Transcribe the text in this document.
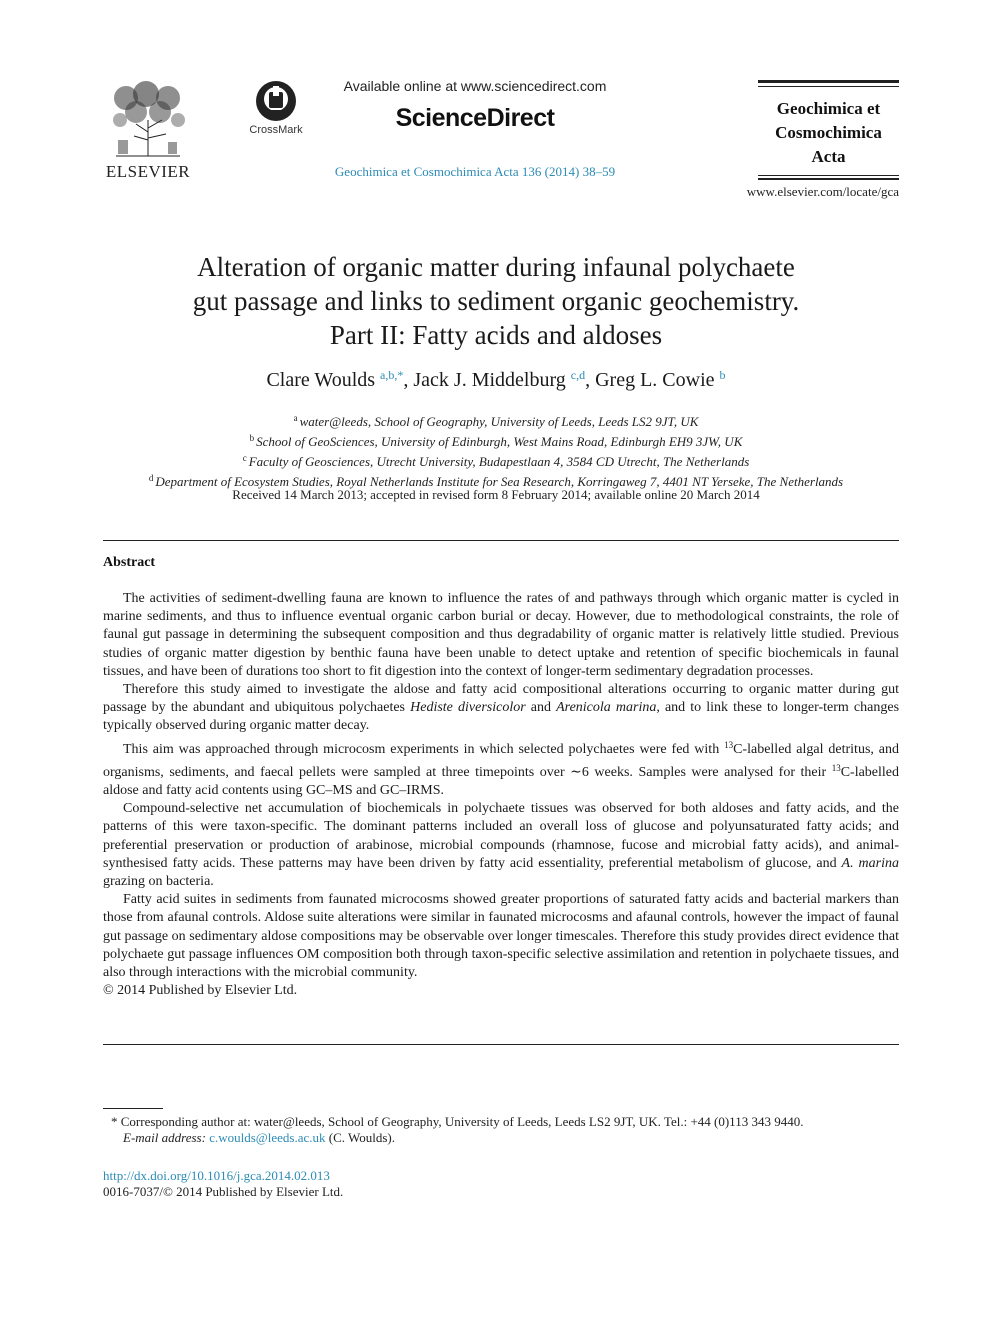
ELSEVIER
CrossMark
Available online at www.sciencedirect.com
ScienceDirect
Geochimica et Cosmochimica Acta 136 (2014) 38–59
Geochimica et
Cosmochimica
Acta
www.elsevier.com/locate/gca
Alteration of organic matter during infaunal polychaete
gut passage and links to sediment organic geochemistry.
Part II: Fatty acids and aldoses
Clare Woulds $^{a,b,*}$, Jack J. Middelburg $^{c,d}$, Greg L. Cowie $^b$
$^a$ water@leeds, School of Geography, University of Leeds, Leeds LS2 9JT, UK
$^b$ School of GeoSciences, University of Edinburgh, West Mains Road, Edinburgh EH9 3JW, UK
$^c$ Faculty of Geosciences, Utrecht University, Budapestlaan 4, 3584 CD Utrecht, The Netherlands
$^d$ Department of Ecosystem Studies, Royal Netherlands Institute for Sea Research, Korringaweg 7, 4401 NT Yerseke, The Netherlands
Received 14 March 2013; accepted in revised form 8 February 2014; available online 20 March 2014
Abstract

The activities of sediment-dwelling fauna are known to influence the rates of and pathways through which organic matter is cycled in marine sediments, and thus to influence eventual organic carbon burial or decay. However, due to methodological constraints, the role of faunal gut passage in determining the subsequent composition and thus degradability of organic matter is relatively little studied. Previous studies of organic matter digestion by benthic fauna have been unable to detect uptake and retention of specific biochemicals in faunal tissues, and have been of durations too short to fit digestion into the context of longer-term sedimentary degradation processes.

Therefore this study aimed to investigate the aldose and fatty acid compositional alterations occurring to organic matter during gut passage by the abundant and ubiquitous polychaetes Hediste diversicolor and Arenicola marina, and to link these to longer-term changes typically observed during organic matter decay.

This aim was approached through microcosm experiments in which selected polychaetes were fed with $^{13}$C-labelled algal detritus, and organisms, sediments, and faecal pellets were sampled at three timepoints over ∼6 weeks. Samples were analysed for their $^{13}$C-labelled aldose and fatty acid contents using GC–MS and GC–IRMS.

Compound-selective net accumulation of biochemicals in polychaete tissues was observed for both aldoses and fatty acids, and the patterns of this were taxon-specific. The dominant patterns included an overall loss of glucose and polyunsaturated fatty acids; and preferential preservation or production of arabinose, microbial compounds (rhamnose, fucose and microbial fatty acids), and animal-synthesised fatty acids. These patterns may have been driven by fatty acid essentiality, preferential metabolism of glucose, and A. marina grazing on bacteria.

Fatty acid suites in sediments from faunated microcosms showed greater proportions of saturated fatty acids and bacterial markers than those from afaunal controls. Aldose suite alterations were similar in faunated microcosms and afaunal controls, however the impact of faunal gut passage on sedimentary aldose compositions may be observable over longer timescales. Therefore this study provides direct evidence that polychaete gut passage influences OM composition both through taxon-specific selective assimilation and retention in polychaete tissues, and also through interactions with the microbial community.

© 2014 Published by Elsevier Ltd.

* Corresponding author at: water@leeds, School of Geography, University of Leeds, Leeds LS2 9JT, UK. Tel.: +44 (0)113 343 9440.
E-mail address: c.woulds@leeds.ac.uk (C. Woulds).
http://dx.doi.org/10.1016/j.gca.2014.02.013
0016-7037/© 2014 Published by Elsevier Ltd.
